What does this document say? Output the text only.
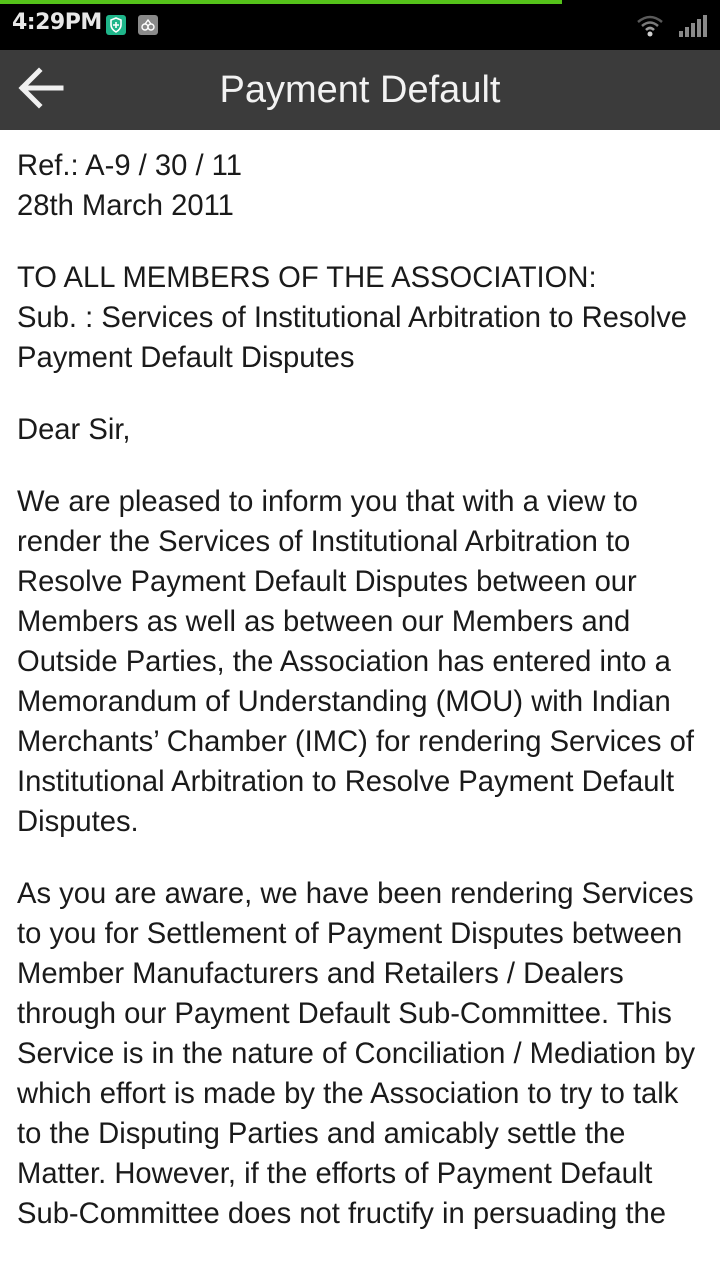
4:29PM
Payment Default

Ref.: A-9 / 30 / 11

28th March 2011

TO ALL MEMBERS OF THE ASSOCIATION:

Sub. : Services of Institutional Arbitration to Resolve Payment Default Disputes

Dear Sir,

We are pleased to inform you that with a view to render the Services of Institutional Arbitration to Resolve Payment Default Disputes between our Members as well as between our Members and Outside Parties, the Association has entered into a Memorandum of Understanding (MOU) with Indian Merchants’ Chamber (IMC) for rendering Services of Institutional Arbitration to Resolve Payment Default Disputes.

As you are aware, we have been rendering Services to you for Settlement of Payment Disputes between Member Manufacturers and Retailers / Dealers through our Payment Default Sub-Committee. This Service is in the nature of Conciliation / Mediation by which effort is made by the Association to try to talk to the Disputing Parties and amicably settle the Matter. However, if the efforts of Payment Default Sub-Committee does not fructify in persuading the
